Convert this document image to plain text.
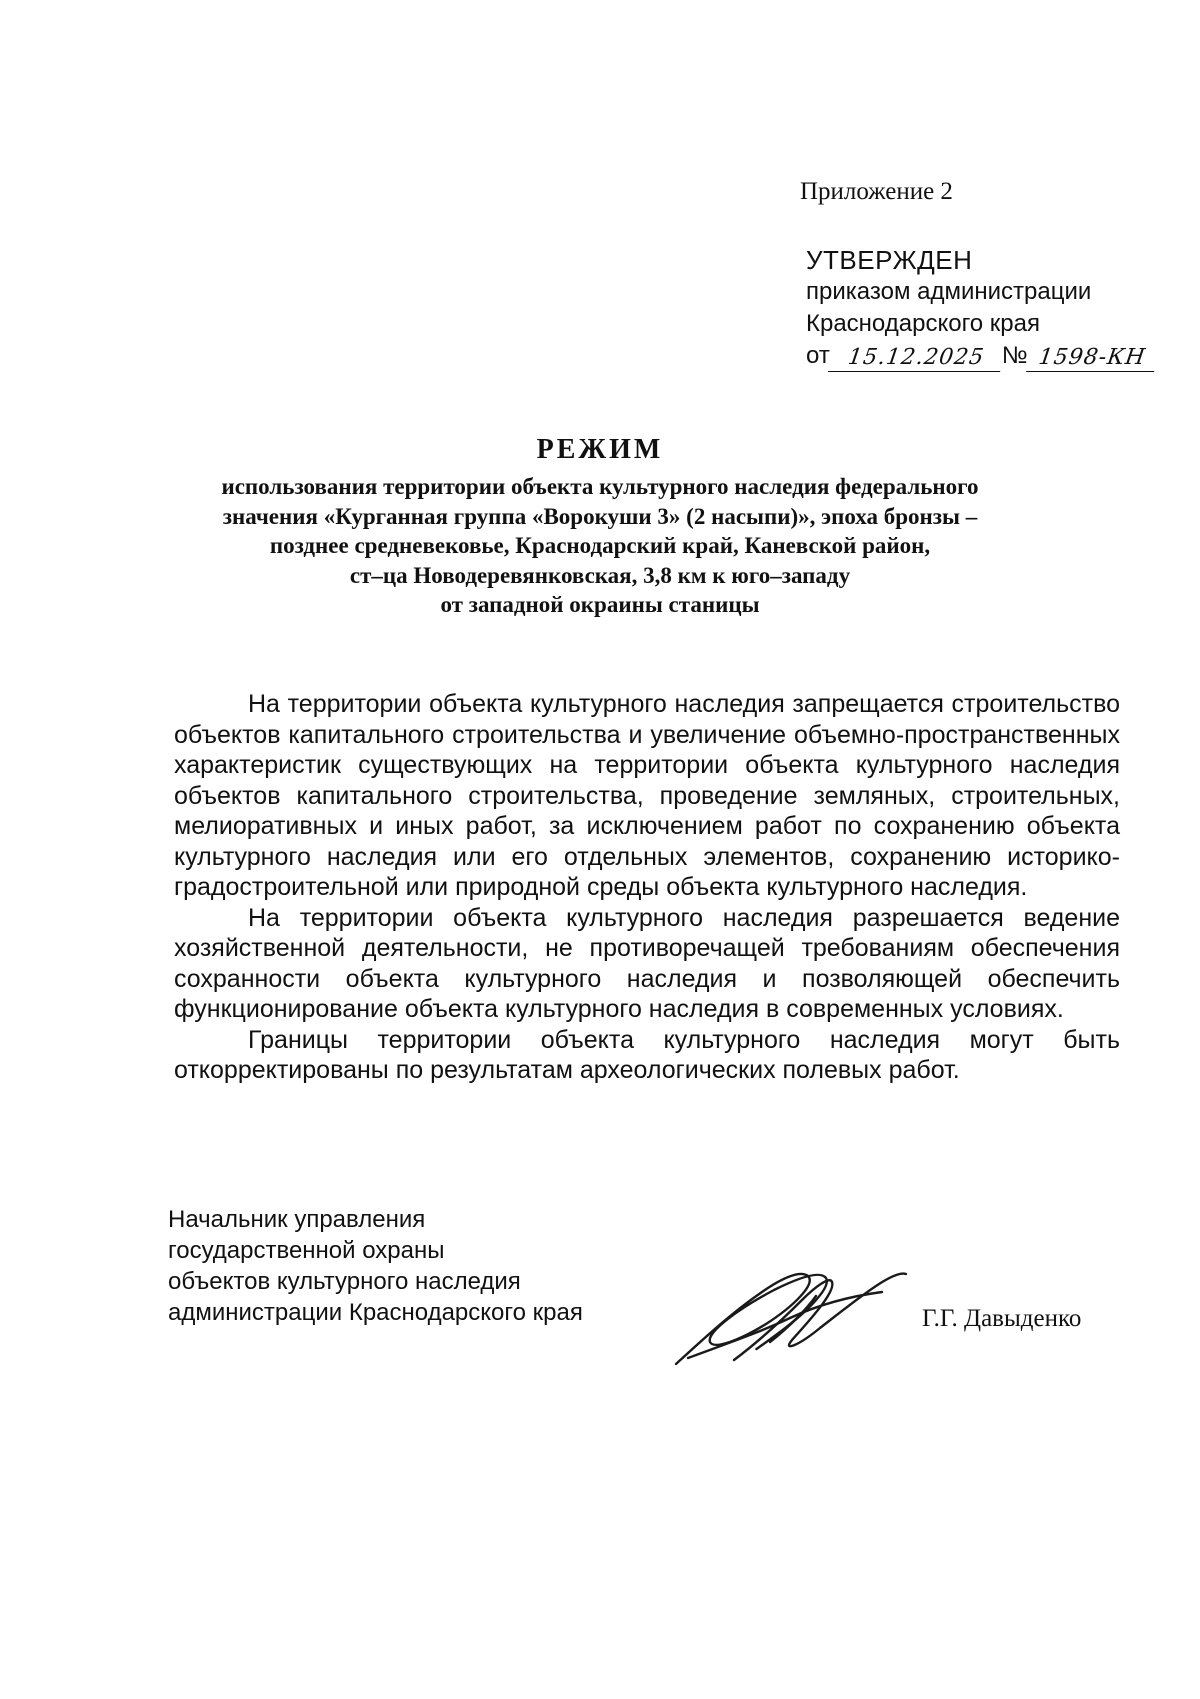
Приложение 2
УТВЕРЖДЕН
приказом администрации
Краснодарского края
от 15.12.2025 № 1598-КН
РЕЖИМ
использования территории объекта культурного наследия федерального
значения «Курганная группа «Ворокуши 3» (2 насыпи)», эпоха бронзы –
позднее средневековье, Краснодарский край, Каневской район,
ст–ца Новодеревянковская, 3,8 км к юго–западу
от западной окраины станицы

На территории объекта культурного наследия запрещается строительство объектов капитального строительства и увеличение объемно-пространственных характеристик существующих на территории объекта культурного наследия объектов капитального строительства, проведение земляных, строительных, мелиоративных и иных работ, за исключением работ по сохранению объекта культурного наследия или его отдельных элементов, сохранению историко-градостроительной или природной среды объекта культурного наследия.

На территории объекта культурного наследия разрешается ведение хозяйственной деятельности, не противоречащей требованиям обеспечения сохранности объекта культурного наследия и позволяющей обеспечить функционирование объекта культурного наследия в современных условиях.

Границы территории объекта культурного наследия могут быть откорректированы по результатам археологических полевых работ.

Начальник управления
государственной охраны
объектов культурного наследия
администрации Краснодарского края	Г.Г. Давыденко
